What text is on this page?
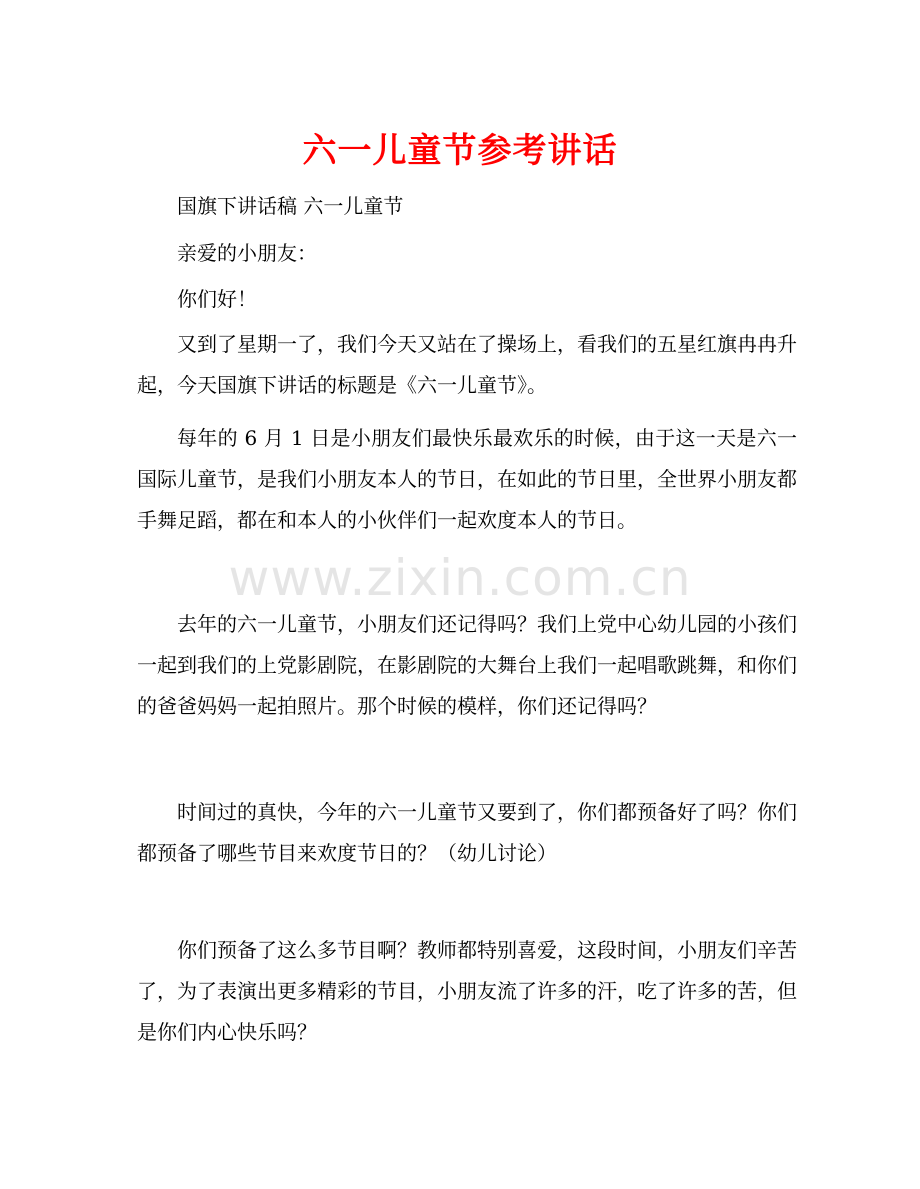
六一儿童节参考讲话

国旗下讲话稿 六一儿童节

亲爱的小朋友：

你们好！

又到了星期一了，我们今天又站在了操场上，看我们的五星红旗冉冉升起，今天国旗下讲话的标题是《六一儿童节》。

每年的 6 月 1 日是小朋友们最快乐最欢乐的时候，由于这一天是六一国际儿童节，是我们小朋友本人的节日，在如此的节日里，全世界小朋友都手舞足蹈，都在和本人的小伙伴们一起欢度本人的节日。

www.zixin.com.cn

去年的六一儿童节，小朋友们还记得吗？我们上党中心幼儿园的小孩们一起到我们的上党影剧院，在影剧院的大舞台上我们一起唱歌跳舞，和你们的爸爸妈妈一起拍照片。那个时候的模样，你们还记得吗？

时间过的真快，今年的六一儿童节又要到了，你们都预备好了吗？你们都预备了哪些节目来欢度节日的？（幼儿讨论）

你们预备了这么多节目啊？教师都特别喜爱，这段时间，小朋友们辛苦了，为了表演出更多精彩的节目，小朋友流了许多的汗，吃了许多的苦，但是你们内心快乐吗？
